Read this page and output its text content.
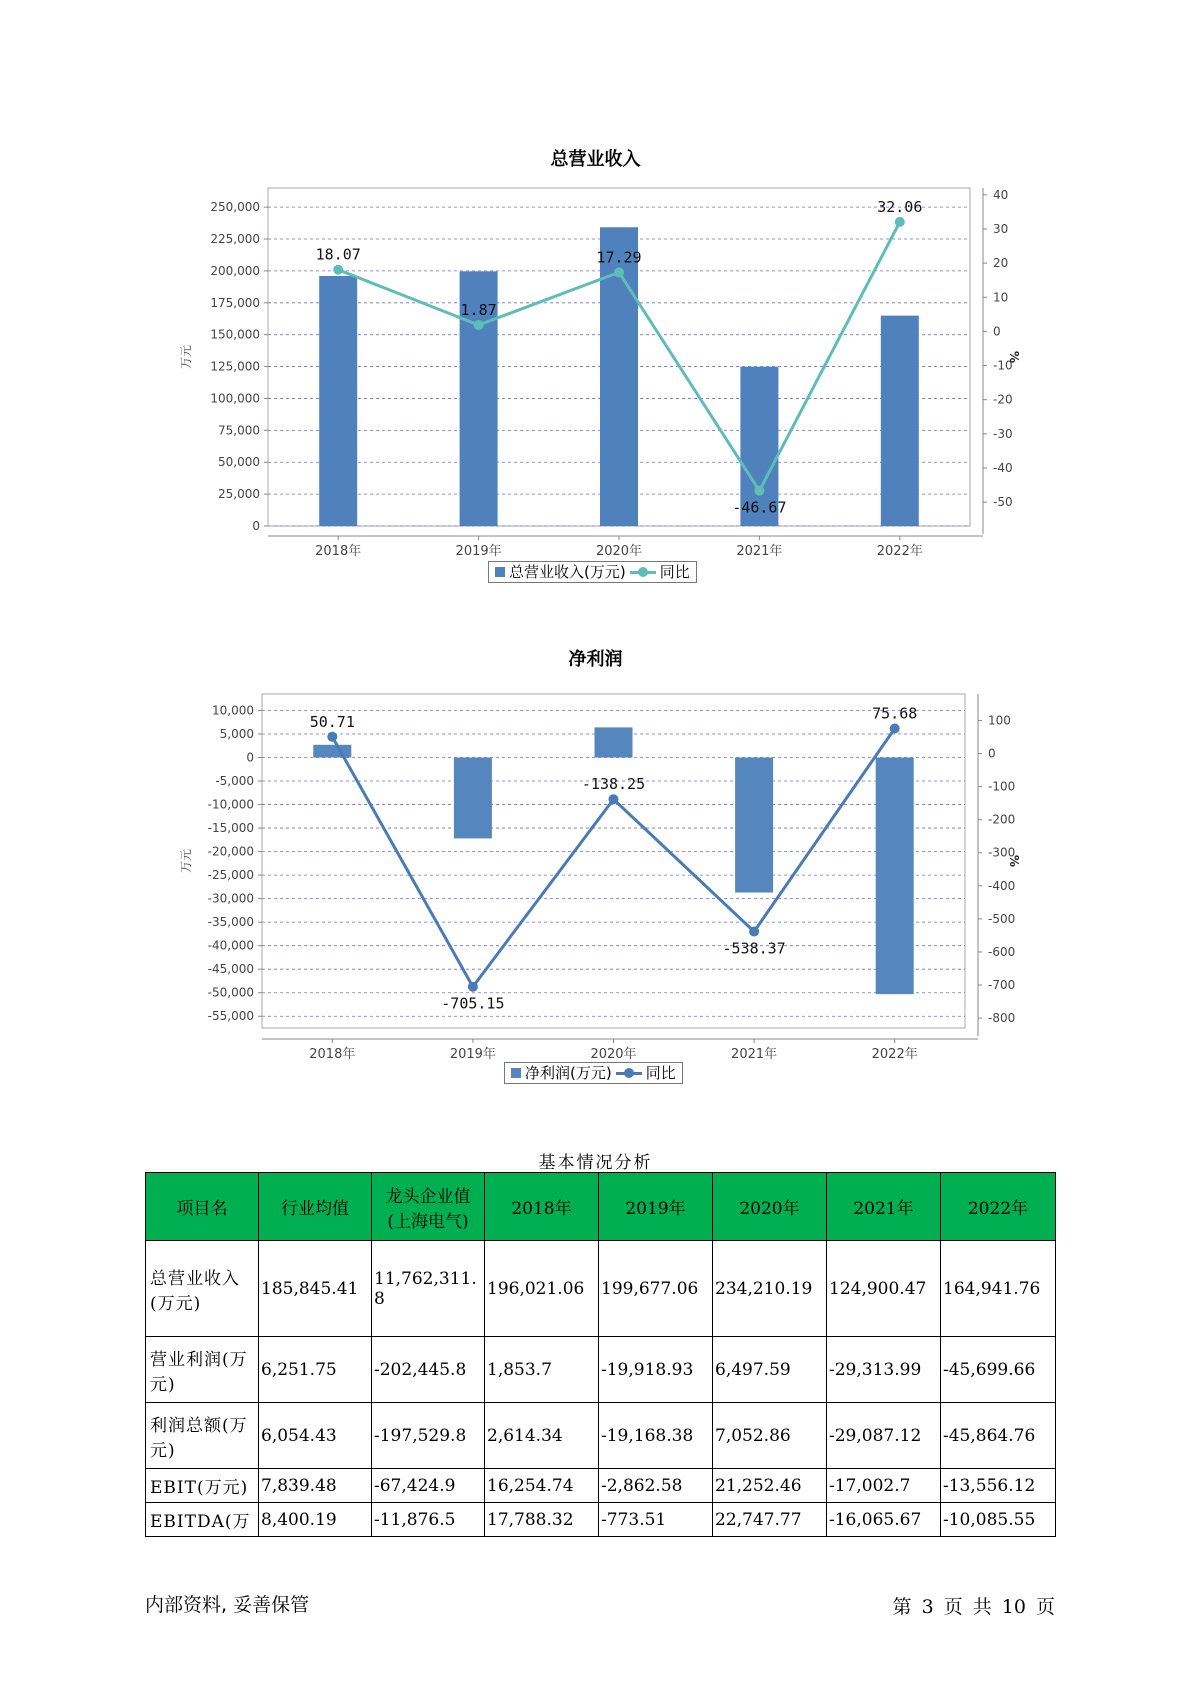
总营业收入
0
25,000
50,000
75,000
100,000
125,000
150,000
175,000
200,000
225,000
250,000
40
30
20
10
0
-10
-20
-30
-40
-50
万元	%
2018年	2019年	2020年	2021年	2022年
18.07
1.87
17.29
-46.67
32.06
总营业收入(万元) 同比
净利润
10,000
5,000
0
-5,000
-10,000
-15,000
-20,000
-25,000
-30,000
-35,000
-40,000
-45,000
-50,000
-55,000
100
0
-100
-200
-300
-400
-500
-600
-700
-800
万元	%
2018年	2019年	2020年	2021年	2022年
50.71
-705.15
-138.25
-538.37
75.68
净利润(万元) 同比
基本情况分析
项目名	行业均值	龙头企业值(上海电气)	2018年	2019年	2020年	2021年	2022年
总营业收入(万元)	185,845.41	11,762,311.8	196,021.06	199,677.06	234,210.19	124,900.47	164,941.76
营业利润(万元)	6,251.75	-202,445.8	1,853.7	-19,918.93	6,497.59	-29,313.99	-45,699.66
利润总额(万元)	6,054.43	-197,529.8	2,614.34	-19,168.38	7,052.86	-29,087.12	-45,864.76
EBIT(万元)	7,839.48	-67,424.9	16,254.74	-2,862.58	21,252.46	-17,002.7	-13,556.12
EBITDA(万	8,400.19	-11,876.5	17,788.32	-773.51	22,747.77	-16,065.67	-10,085.55
内部资料, 妥善保管	第 3 页 共 10 页
